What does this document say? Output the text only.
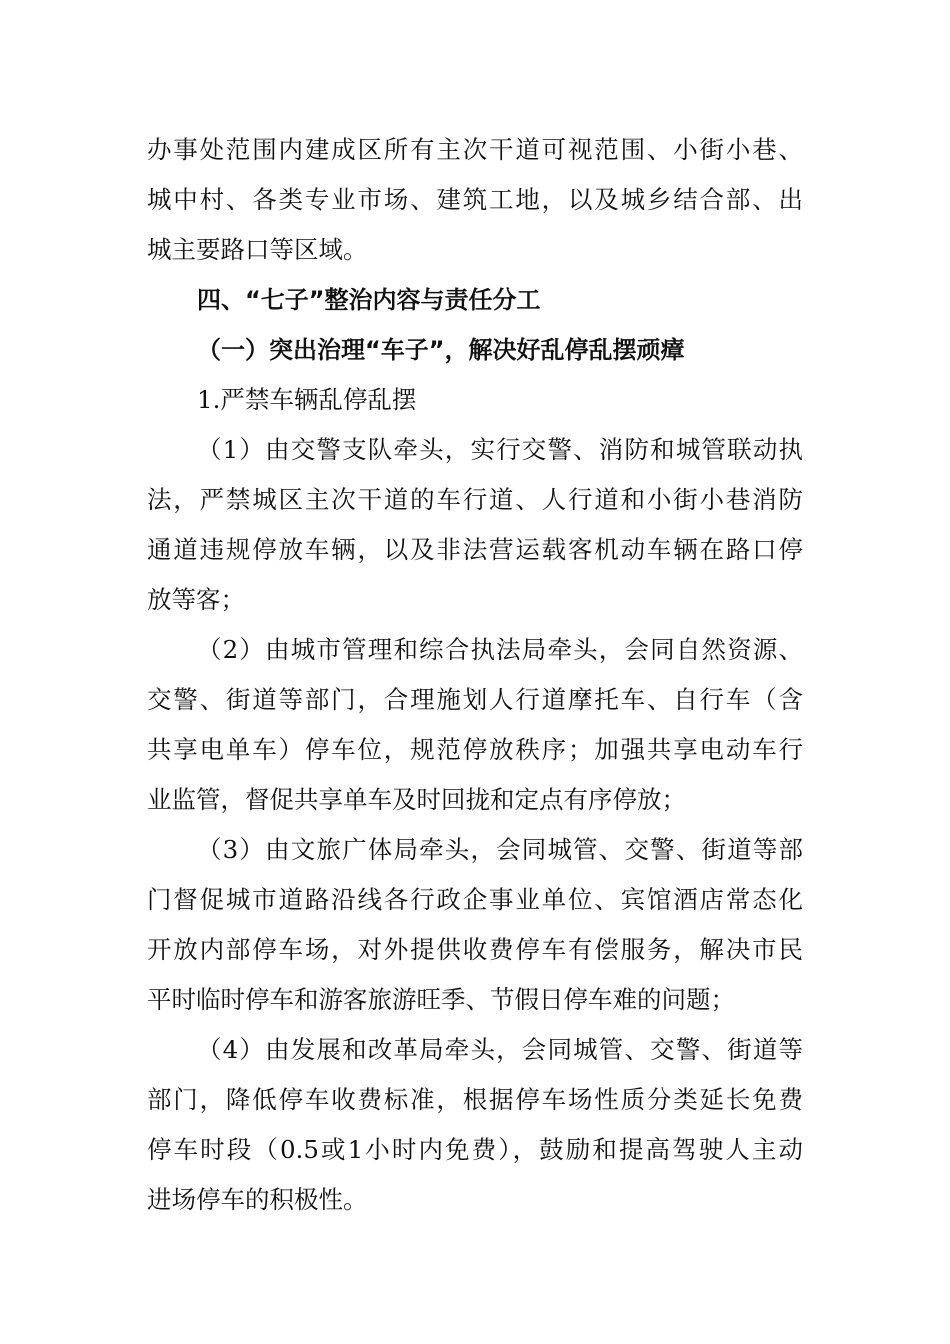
办事处范围内建成区所有主次干道可视范围、小街小巷、
城中村、各类专业市场、建筑工地，以及城乡结合部、出
城主要路口等区域。
四、“七子”整治内容与责任分工
（一）突出治理“车子”，解决好乱停乱摆顽瘴
1.严禁车辆乱停乱摆
（1）由交警支队牵头，实行交警、消防和城管联动执
法，严禁城区主次干道的车行道、人行道和小街小巷消防
通道违规停放车辆，以及非法营运载客机动车辆在路口停
放等客；
（2）由城市管理和综合执法局牵头，会同自然资源、
交警、街道等部门，合理施划人行道摩托车、自行车（含
共享电单车）停车位，规范停放秩序；加强共享电动车行
业监管，督促共享单车及时回拢和定点有序停放；
（3）由文旅广体局牵头，会同城管、交警、街道等部
门督促城市道路沿线各行政企事业单位、宾馆酒店常态化
开放内部停车场，对外提供收费停车有偿服务，解决市民
平时临时停车和游客旅游旺季、节假日停车难的问题；
（4）由发展和改革局牵头，会同城管、交警、街道等
部门，降低停车收费标准，根据停车场性质分类延长免费
停车时段（0.5或1小时内免费），鼓励和提高驾驶人主动
进场停车的积极性。
